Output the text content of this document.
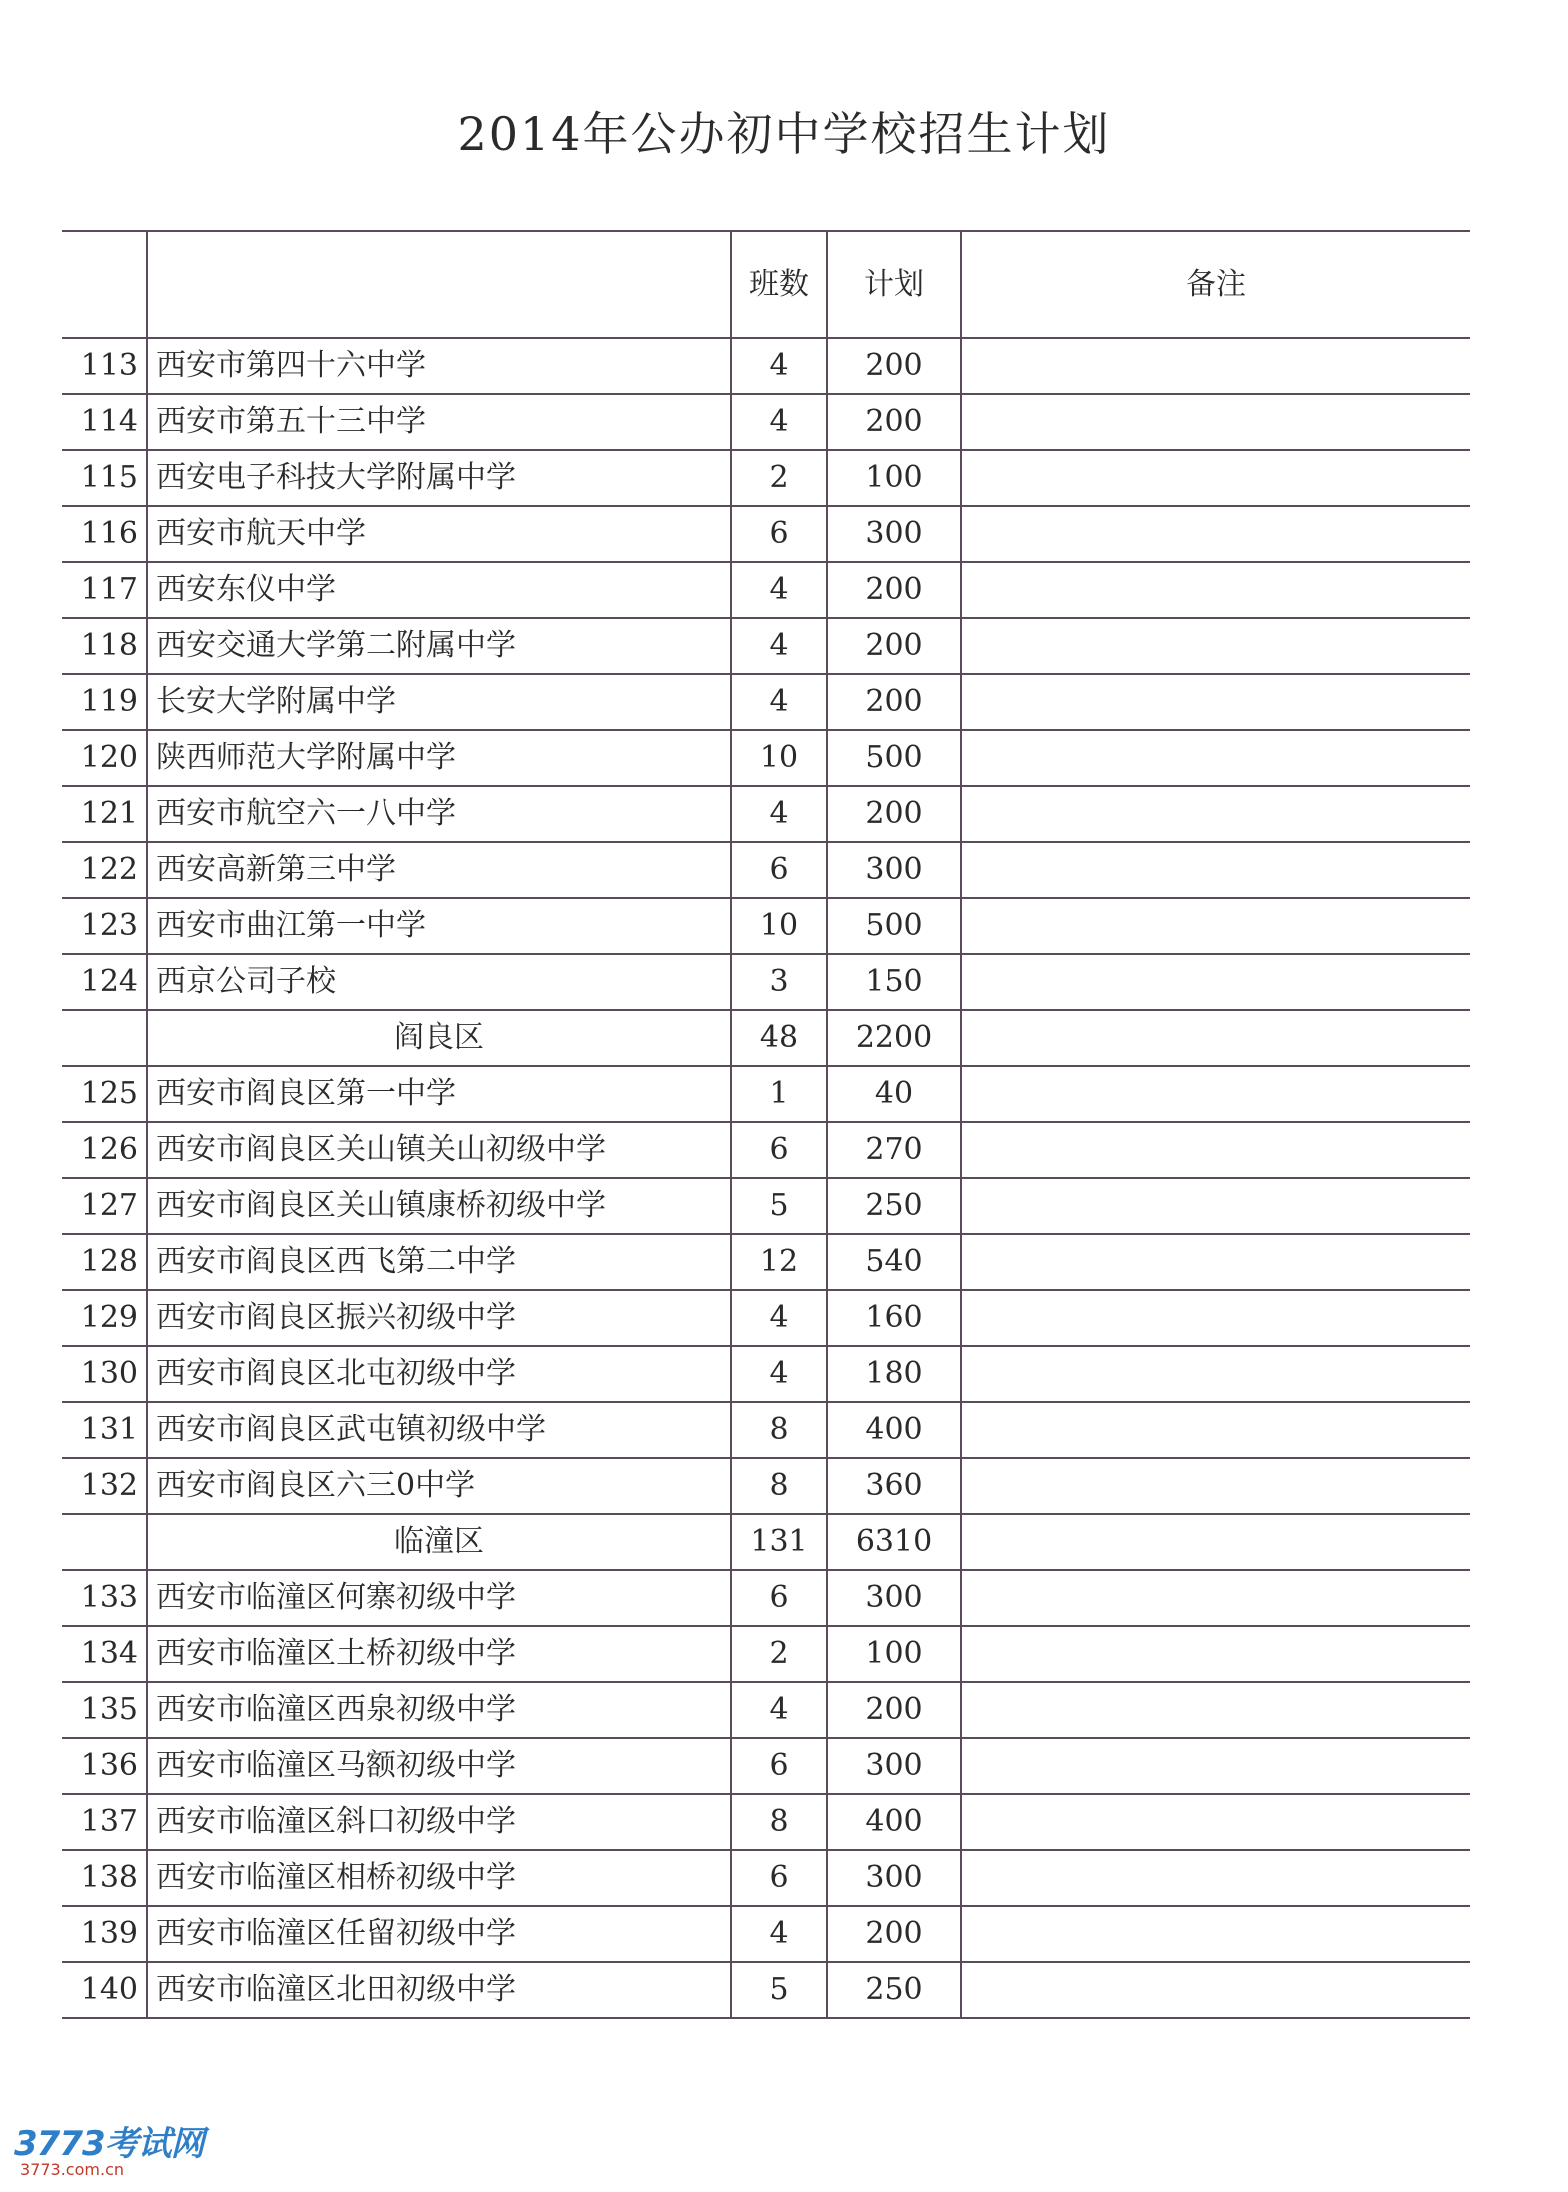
2014年公办初中学校招生计划
		班数	计划	备注
113	西安市第四十六中学	4	200	
114	西安市第五十三中学	4	200	
115	西安电子科技大学附属中学	2	100	
116	西安市航天中学	6	300	
117	西安东仪中学	4	200	
118	西安交通大学第二附属中学	4	200	
119	长安大学附属中学	4	200	
120	陕西师范大学附属中学	10	500	
121	西安市航空六一八中学	4	200	
122	西安高新第三中学	6	300	
123	西安市曲江第一中学	10	500	
124	西京公司子校	3	150	
	阎良区	48	2200	
125	西安市阎良区第一中学	1	40	
126	西安市阎良区关山镇关山初级中学	6	270	
127	西安市阎良区关山镇康桥初级中学	5	250	
128	西安市阎良区西飞第二中学	12	540	
129	西安市阎良区振兴初级中学	4	160	
130	西安市阎良区北屯初级中学	4	180	
131	西安市阎良区武屯镇初级中学	8	400	
132	西安市阎良区六三0中学	8	360	
	临潼区	131	6310	
133	西安市临潼区何寨初级中学	6	300	
134	西安市临潼区土桥初级中学	2	100	
135	西安市临潼区西泉初级中学	4	200	
136	西安市临潼区马额初级中学	6	300	
137	西安市临潼区斜口初级中学	8	400	
138	西安市临潼区相桥初级中学	6	300	
139	西安市临潼区任留初级中学	4	200	
140	西安市临潼区北田初级中学	5	250	
3773考试网
3773.com.cn
